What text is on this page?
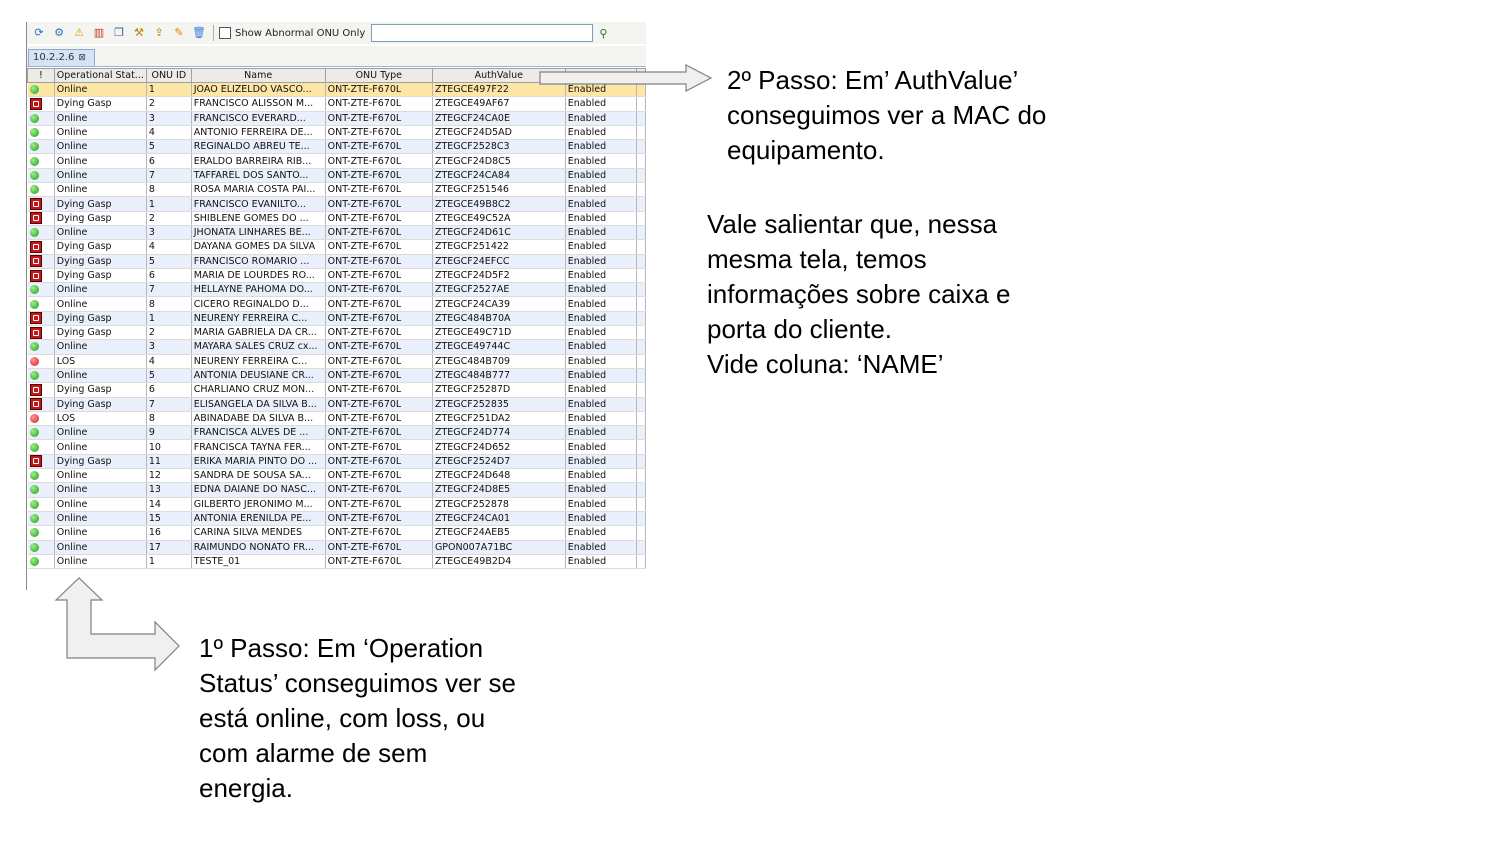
⟳ ⚙ ⚠ ▥ ❐ ⚒ ⇪ ✎ 🗑	Show Abnormal ONU Only	⚲
10.2.2.6 ⊠
!	Operational Stat...	ONU ID	Name	ONU Type	AuthValue		
	Online	1	JOAO ELIZELDO VASCO...	ONT-ZTE-F670L	ZTEGCE497F22	Enabled	
	Dying Gasp	2	FRANCISCO ALISSON M...	ONT-ZTE-F670L	ZTEGCE49AF67	Enabled	
	Online	3	FRANCISCO EVERARD...	ONT-ZTE-F670L	ZTEGCF24CA0E	Enabled	
	Online	4	ANTONIO FERREIRA DE...	ONT-ZTE-F670L	ZTEGCF24D5AD	Enabled	
	Online	5	REGINALDO ABREU TE...	ONT-ZTE-F670L	ZTEGCF2528C3	Enabled	
	Online	6	ERALDO BARREIRA RIB...	ONT-ZTE-F670L	ZTEGCF24D8C5	Enabled	
	Online	7	TAFFAREL DOS SANTO...	ONT-ZTE-F670L	ZTEGCF24CA84	Enabled	
	Online	8	ROSA MARIA COSTA PAI...	ONT-ZTE-F670L	ZTEGCF251546	Enabled	
	Dying Gasp	1	FRANCISCO EVANILTO...	ONT-ZTE-F670L	ZTEGCE49B8C2	Enabled	
	Dying Gasp	2	SHIBLENE GOMES DO ...	ONT-ZTE-F670L	ZTEGCE49C52A	Enabled	
	Online	3	JHONATA LINHARES BE...	ONT-ZTE-F670L	ZTEGCF24D61C	Enabled	
	Dying Gasp	4	DAYANA GOMES DA SILVA	ONT-ZTE-F670L	ZTEGCF251422	Enabled	
	Dying Gasp	5	FRANCISCO ROMARIO ...	ONT-ZTE-F670L	ZTEGCF24EFCC	Enabled	
	Dying Gasp	6	MARIA DE LOURDES RO...	ONT-ZTE-F670L	ZTEGCF24D5F2	Enabled	
	Online	7	HELLAYNE PAHOMA DO...	ONT-ZTE-F670L	ZTEGCF2527AE	Enabled	
	Online	8	CICERO REGINALDO D...	ONT-ZTE-F670L	ZTEGCF24CA39	Enabled	
	Dying Gasp	1	NEURENY FERREIRA C...	ONT-ZTE-F670L	ZTEGC484B70A	Enabled	
	Dying Gasp	2	MARIA GABRIELA DA CR...	ONT-ZTE-F670L	ZTEGCE49C71D	Enabled	
	Online	3	MAYARA SALES CRUZ cx...	ONT-ZTE-F670L	ZTEGCE49744C	Enabled	
	LOS	4	NEURENY FERREIRA C...	ONT-ZTE-F670L	ZTEGC484B709	Enabled	
	Online	5	ANTONIA DEUSIANE CR...	ONT-ZTE-F670L	ZTEGC484B777	Enabled	
	Dying Gasp	6	CHARLIANO CRUZ MON...	ONT-ZTE-F670L	ZTEGCF25287D	Enabled	
	Dying Gasp	7	ELISANGELA DA SILVA B...	ONT-ZTE-F670L	ZTEGCF252835	Enabled	
	LOS	8	ABINADABE DA SILVA B...	ONT-ZTE-F670L	ZTEGCF251DA2	Enabled	
	Online	9	FRANCISCA ALVES DE ...	ONT-ZTE-F670L	ZTEGCF24D774	Enabled	
	Online	10	FRANCISCA TAYNA FER...	ONT-ZTE-F670L	ZTEGCF24D652	Enabled	
	Dying Gasp	11	ERIKA MARIA PINTO DO ...	ONT-ZTE-F670L	ZTEGCF2524D7	Enabled	
	Online	12	SANDRA DE SOUSA SA...	ONT-ZTE-F670L	ZTEGCF24D648	Enabled	
	Online	13	EDNA DAIANE DO NASC...	ONT-ZTE-F670L	ZTEGCF24D8E5	Enabled	
	Online	14	GILBERTO JERONIMO M...	ONT-ZTE-F670L	ZTEGCF252878	Enabled	
	Online	15	ANTONIA ERENILDA PE...	ONT-ZTE-F670L	ZTEGCF24CA01	Enabled	
	Online	16	CARINA SILVA MENDES	ONT-ZTE-F670L	ZTEGCF24AEB5	Enabled	
	Online	17	RAIMUNDO NONATO FR...	ONT-ZTE-F670L	GPON007A71BC	Enabled	
	Online	1	TESTE_01	ONT-ZTE-F670L	ZTEGCE49B2D4	Enabled	
2º Passo: Em’ AuthValue’
conseguimos ver a MAC do
equipamento.
Vale salientar que, nessa
mesma tela, temos
informações sobre caixa e
porta do cliente.
Vide coluna: ‘NAME’
1º Passo: Em ‘Operation
Status’ conseguimos ver se
está online, com loss, ou
com alarme de sem
energia.
